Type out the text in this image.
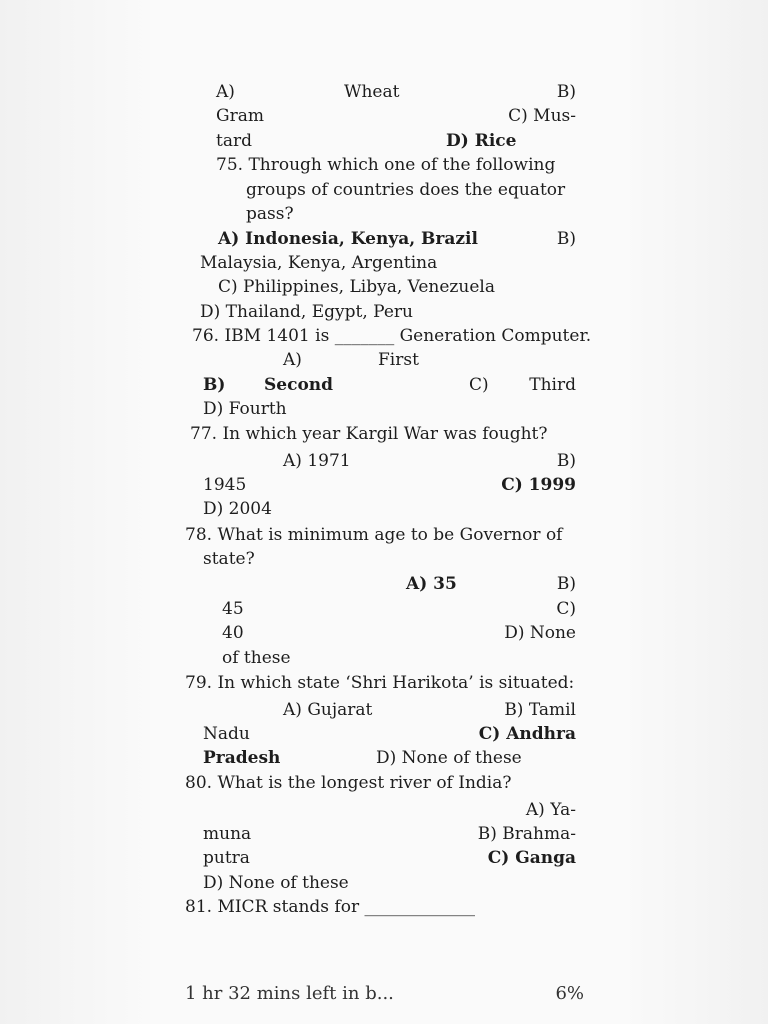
A)	Wheat	B)
Gram	C) Mus-
tard	D) Rice
75. Through which one of the following
groups of countries does the equator
pass?
A) Indonesia, Kenya, Brazil	B)
Malaysia, Kenya, Argentina
C) Philippines, Libya, Venezuela
D) Thailand, Egypt, Peru
76. IBM 1401 is _______ Generation Computer.
A)	First
B) Second	C) Third
D) Fourth
77. In which year Kargil War was fought?
A) 1971	B)
1945	C) 1999
D) 2004
78. What is minimum age to be Governor of
state?
A) 35	B)
45	C)
40	D) None
of these
79. In which state ‘Shri Harikota’ is situated:
A) Gujarat	B) Tamil
Nadu	C) Andhra
Pradesh	D) None of these
80. What is the longest river of India?
A) Ya-
muna	B) Brahma-
putra	C) Ganga
D) None of these
81. MICR stands for _____________
1 hr 32 mins left in b...	6%
